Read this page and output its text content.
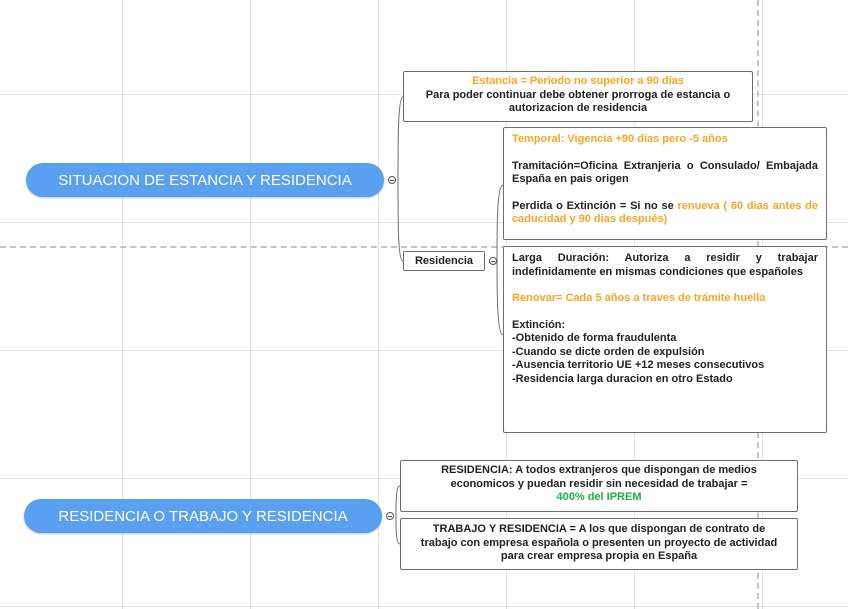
SITUACION DE ESTANCIA Y RESIDENCIA

Estancia = Periodo no superior a 90 días

Para poder continuar debe obtener prorroga de estancia o autorizacion de residencia

Residencia

Temporal: Vigencia +90 días pero -5 años

Tramitación=Oficina Extranjeria o Consulado/ Embajada España en pais origen

Perdida o Extinción = Si no se renueva ( 60 dias antes de caducidad y 90 dias después)

Larga Duración: Autoriza a residir y trabajar indefinidamente en mismas condiciones que españoles

Renovar= Cada 5 años a traves de trámite huella

Extinción:

-Obtenido de forma fraudulenta

-Cuando se dicte orden de expulsión

-Ausencia territorio UE +12 meses consecutivos

-Residencia larga duracion en otro Estado

RESIDENCIA O TRABAJO Y RESIDENCIA

RESIDENCIA: A todos extranjeros que dispongan de medios economicos y puedan residir sin necesidad de trabajar =

400% del IPREM

TRABAJO Y RESIDENCIA = A los que dispongan de contrato de trabajo con empresa española o presenten un proyecto de actividad para crear empresa propia en España
